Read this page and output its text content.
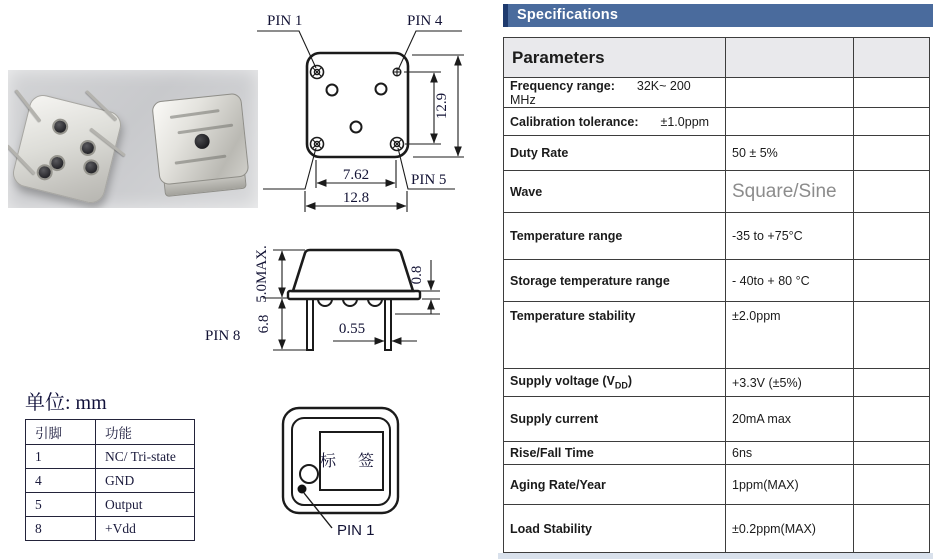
PIN 1	PIN 4
PIN 5
12.9
7.62
12.8
5.0MAX.
6.8
0.8
0.55
PIN 8
单位: mm
引脚	功能
1	NC/ Tri-state
4	GND
5	Output
8	+Vdd
标 签
PIN 1
Specifications
Parameters		
Frequency range: 32K~ 200 MHz		
Calibration tolerance: ±1.0ppm		
Duty Rate	50 ± 5%	
Wave	Square/Sine	
Temperature range	-35 to +75°C	
Storage temperature range	- 40to + 80 °C	
Temperature stability	±2.0ppm	
Supply voltage $(V_{DD})$	+3.3V (±5%)	
Supply current	20mA max	
Rise/Fall Time	6ns	
Aging Rate/Year	1ppm(MAX)	
Load Stability	±0.2ppm(MAX)	
